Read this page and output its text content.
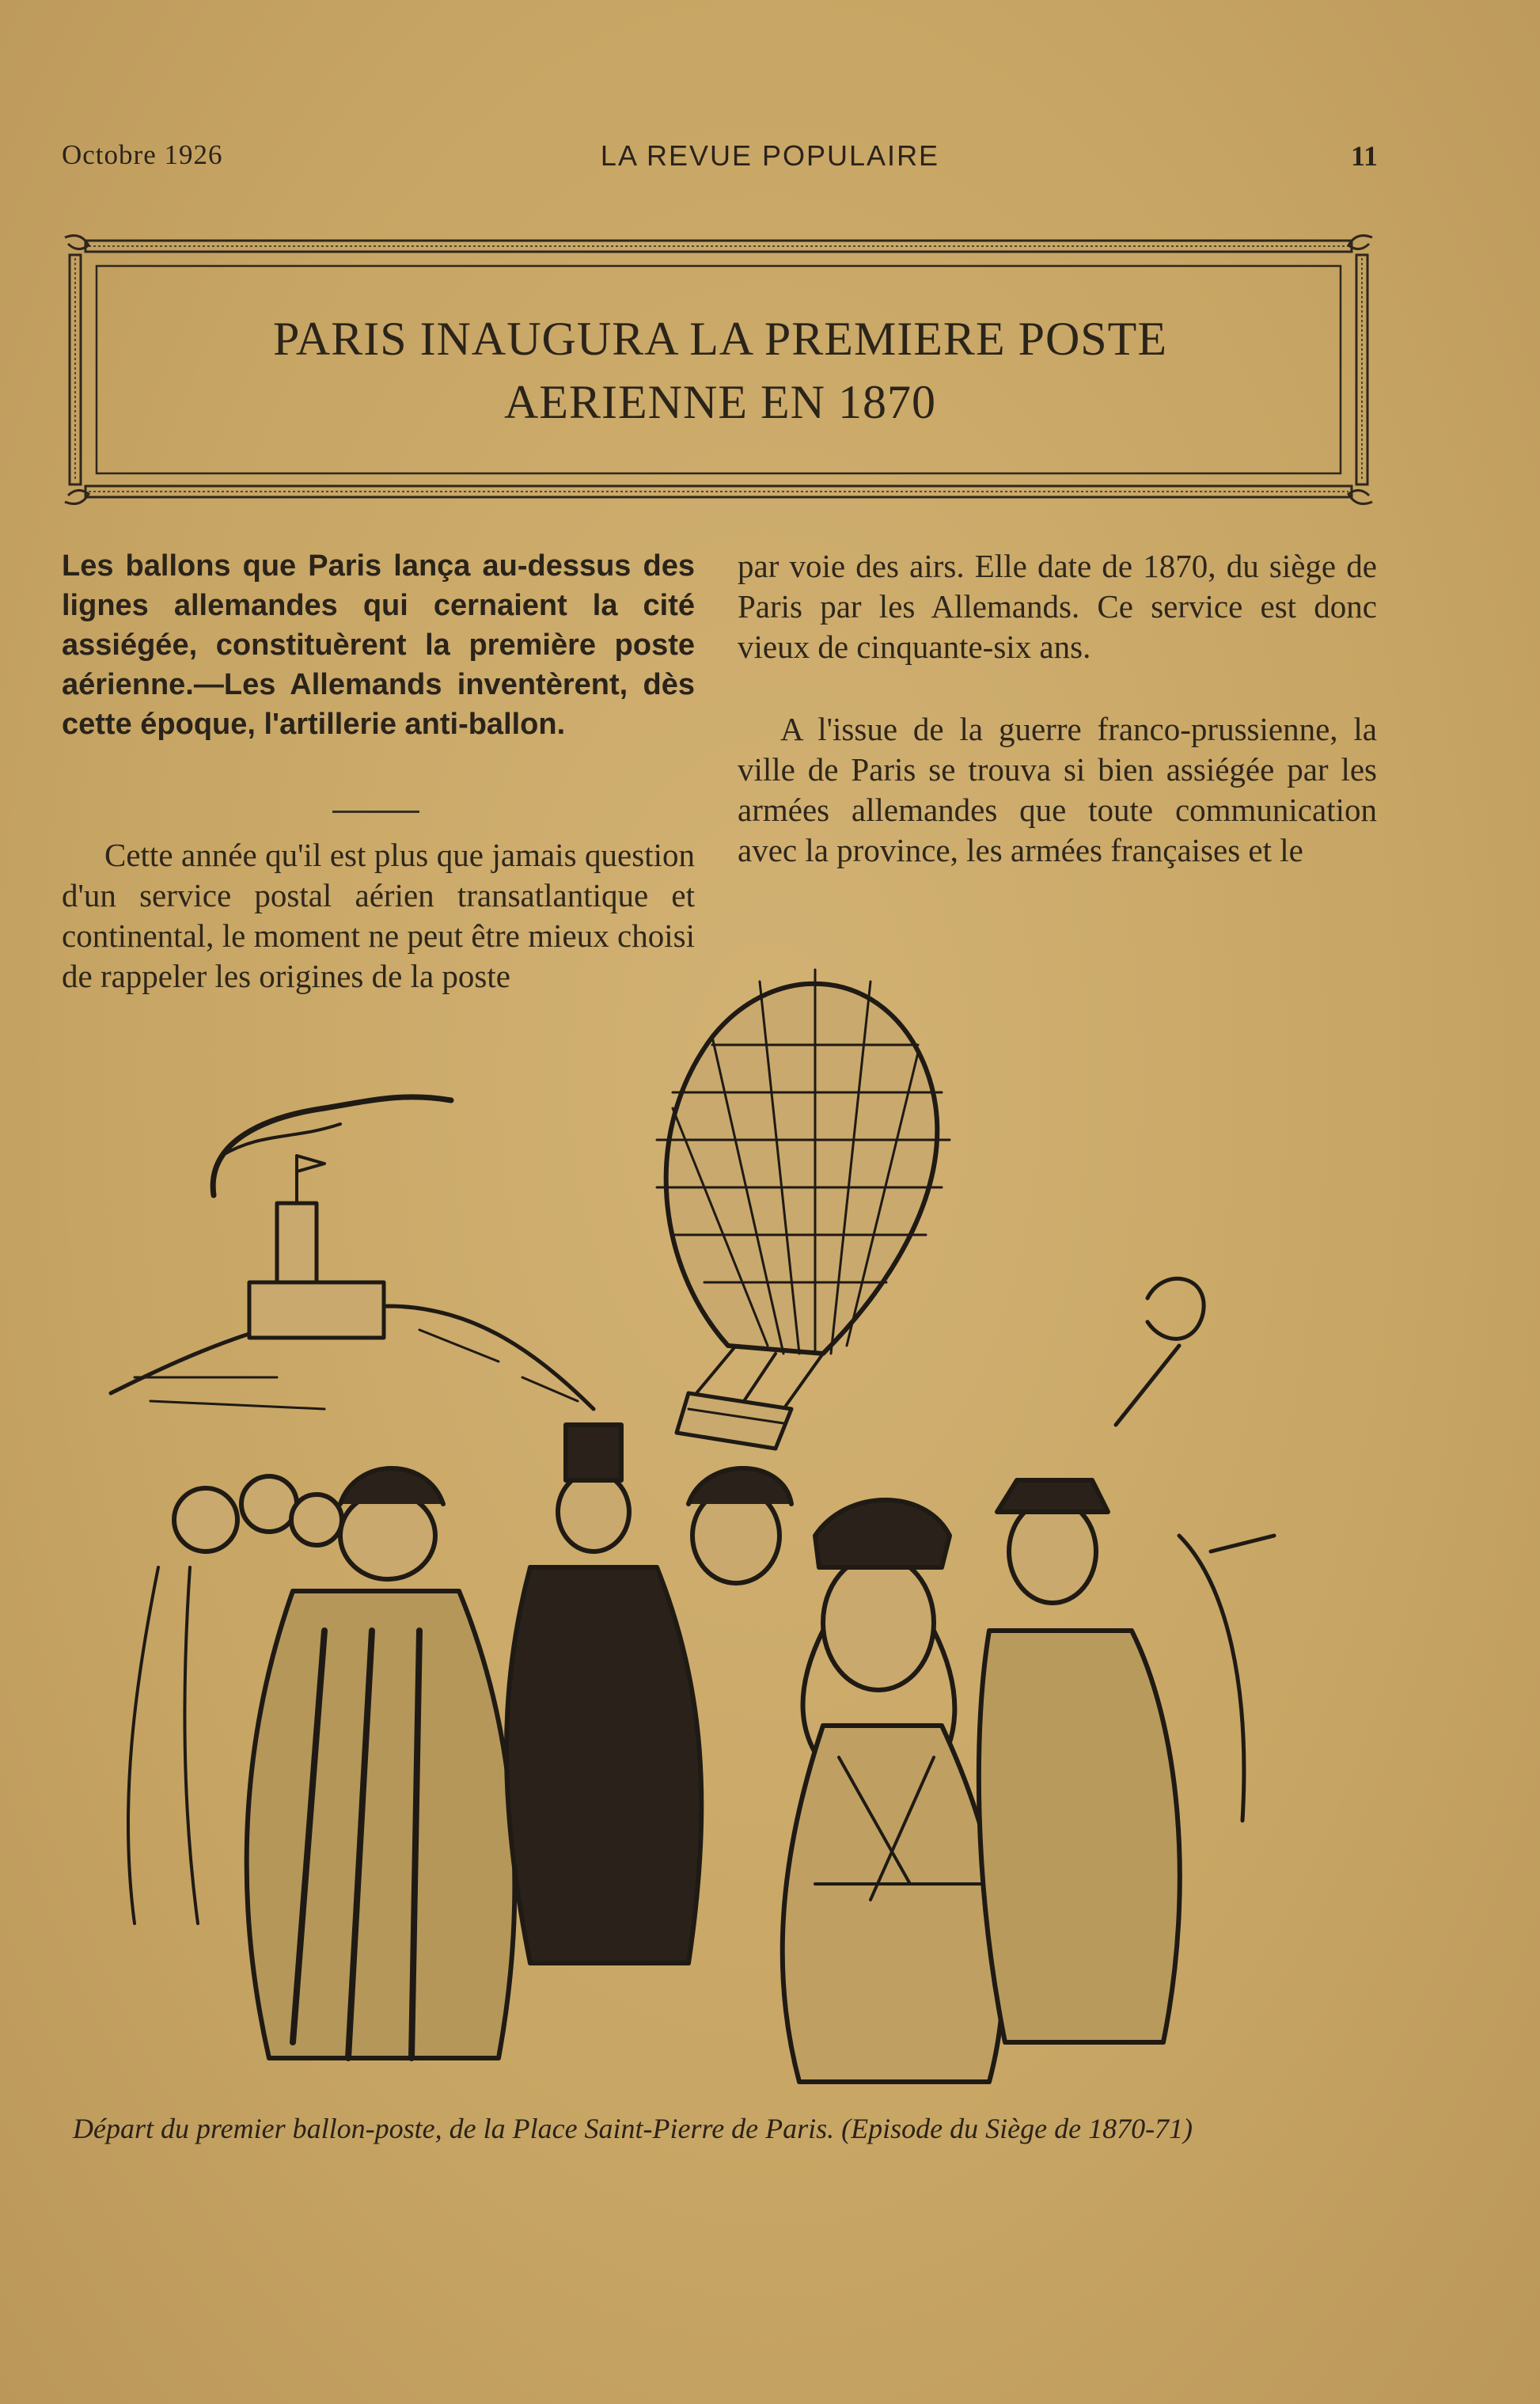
Octobre 1926	LA REVUE POPULAIRE	11
PARIS INAUGURA LA PREMIERE POSTE
AERIENNE EN 1870
Les ballons que Paris lança au-dessus des lignes allemandes qui cernaient la cité assiégée, constituèrent la première poste aérienne.—Les Allemands inventèrent, dès cette époque, l'artillerie anti-ballon.
Cette année qu'il est plus que jamais question d'un service postal aérien transatlantique et continental, le moment ne peut être mieux choisi de rappeler les origines de la poste
par voie des airs. Elle date de 1870, du siège de Paris par les Allemands. Ce service est donc vieux de cinquante-six ans.
A l'issue de la guerre franco-prussienne, la ville de Paris se trouva si bien assiégée par les armées allemandes que toute communication avec la province, les armées françaises et le
Départ du premier ballon-poste, de la Place Saint-Pierre de Paris. (Episode du Siège de 1870-71)
